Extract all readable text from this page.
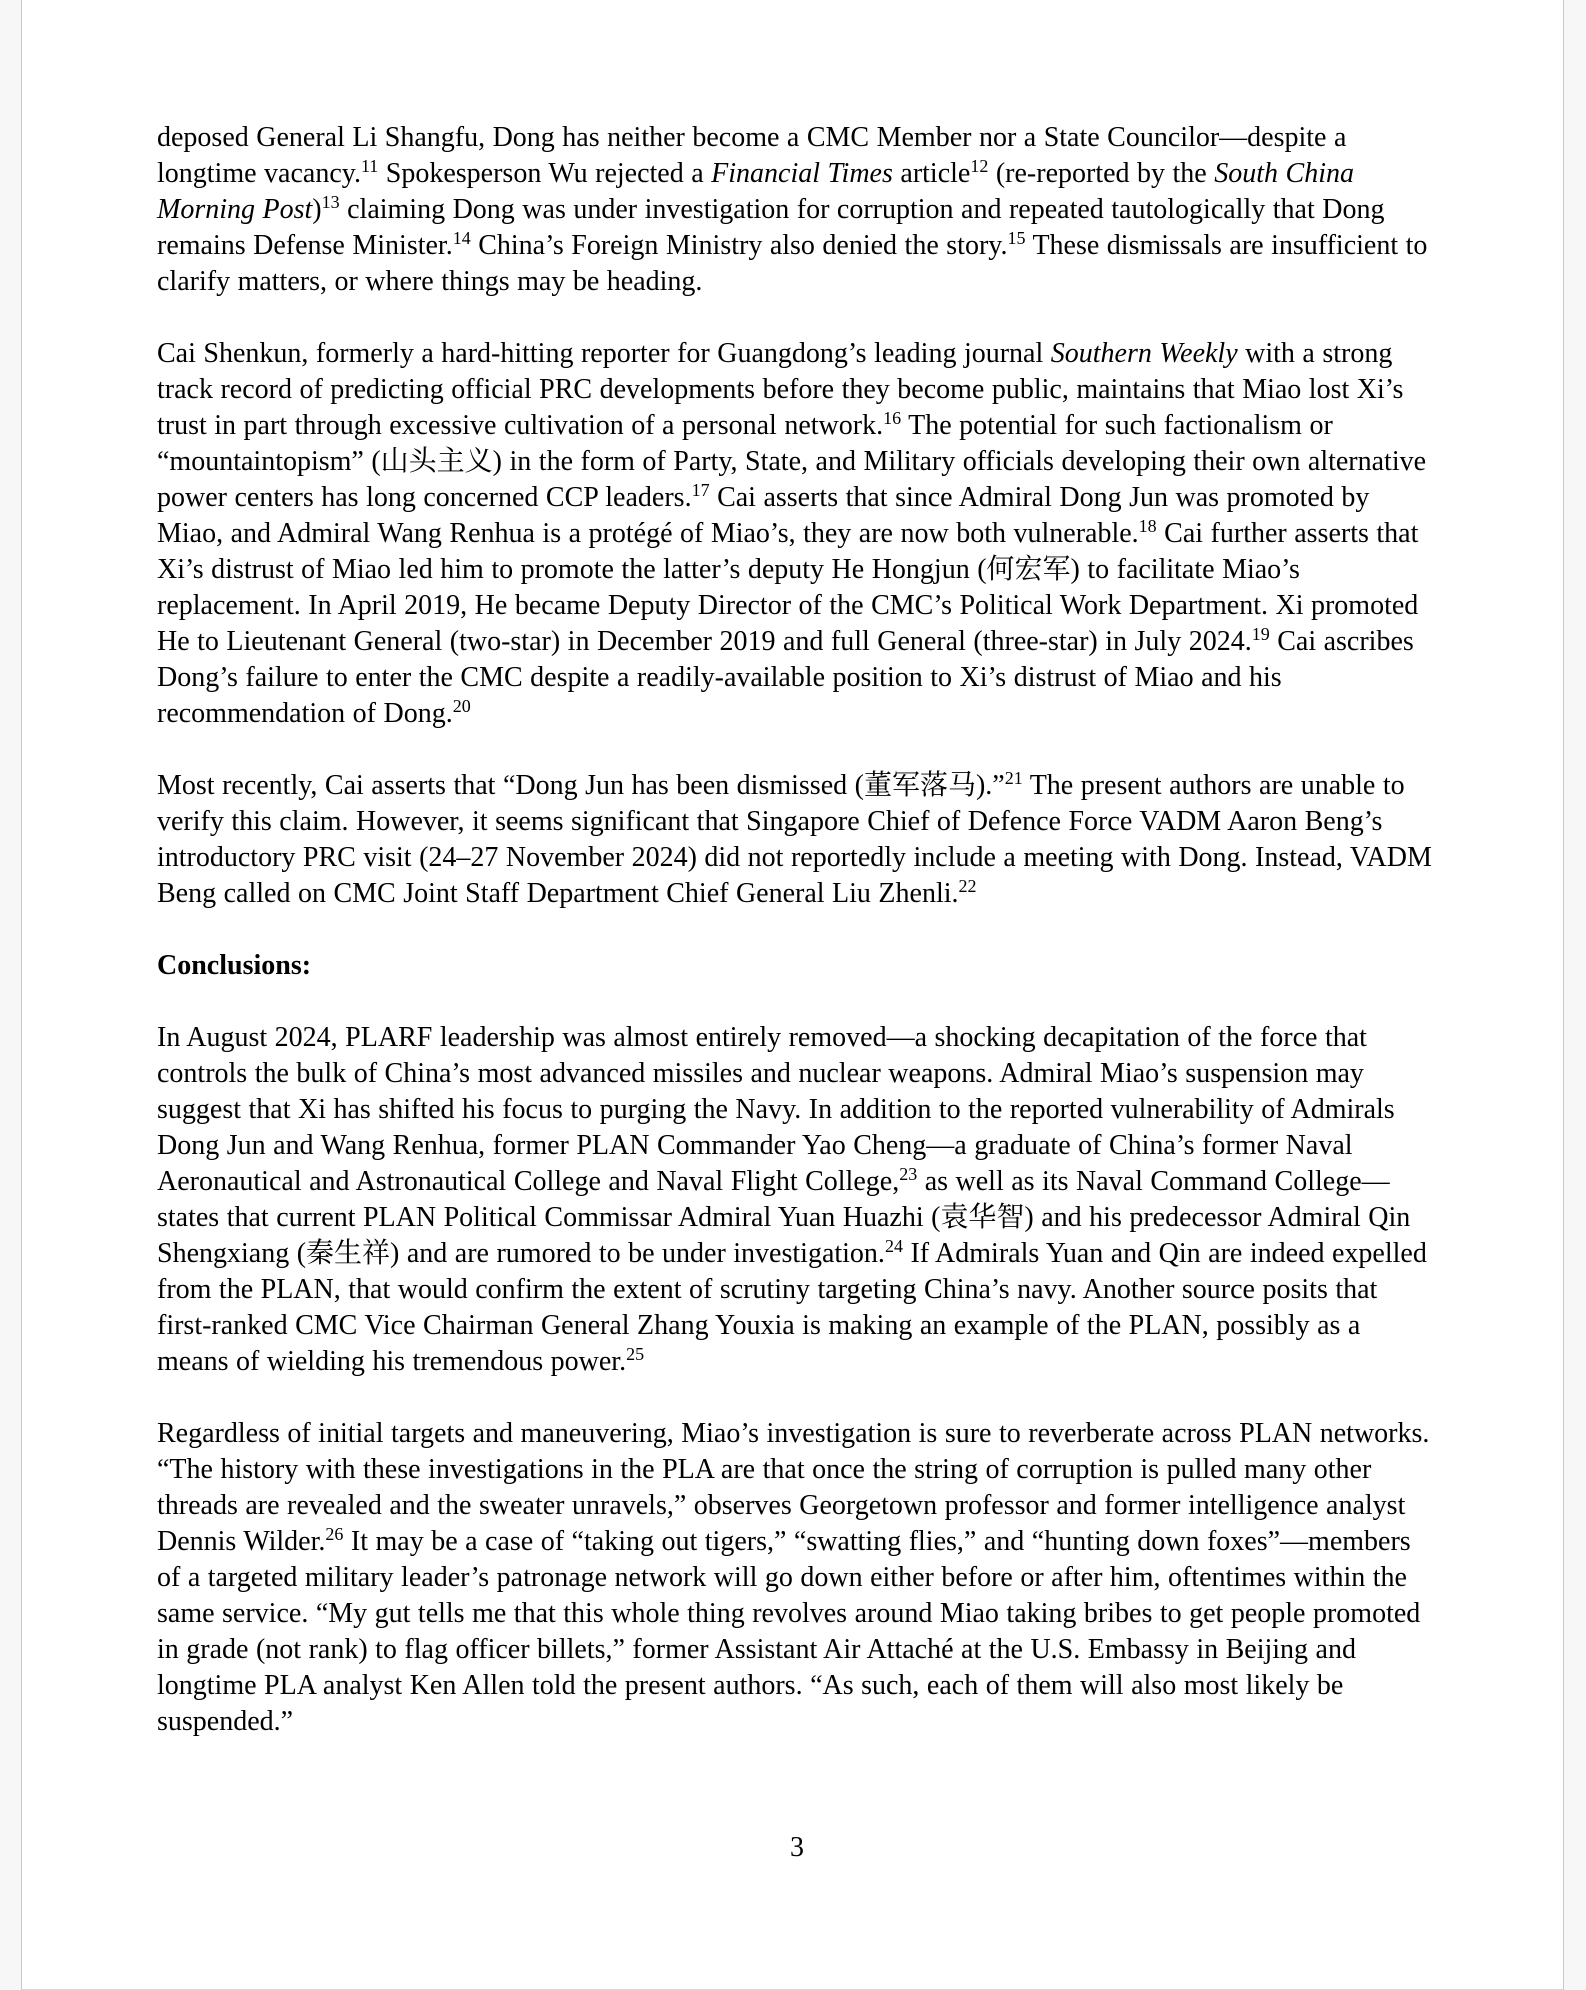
deposed General Li Shangfu, Dong has neither become a CMC Member nor a State Councilor—despite a longtime vacancy.$^{11}$ Spokesperson Wu rejected a Financial Times article$^{12}$ (re-reported by the South China Morning Post)$^{13}$ claiming Dong was under investigation for corruption and repeated tautologically that Dong remains Defense Minister.$^{14}$ China’s Foreign Ministry also denied the story.$^{15}$ These dismissals are insufficient to clarify matters, or where things may be heading.

Cai Shenkun, formerly a hard-hitting reporter for Guangdong’s leading journal Southern Weekly with a strong track record of predicting official PRC developments before they become public, maintains that Miao lost Xi’s trust in part through excessive cultivation of a personal network.$^{16}$ The potential for such factionalism or “mountaintopism” (山头主义) in the form of Party, State, and Military officials developing their own alternative power centers has long concerned CCP leaders.$^{17}$ Cai asserts that since Admiral Dong Jun was promoted by Miao, and Admiral Wang Renhua is a protégé of Miao’s, they are now both vulnerable.$^{18}$ Cai further asserts that Xi’s distrust of Miao led him to promote the latter’s deputy He Hongjun (何宏军) to facilitate Miao’s replacement. In April 2019, He became Deputy Director of the CMC’s Political Work Department. Xi promoted He to Lieutenant General (two-star) in December 2019 and full General (three-star) in July 2024.19 Cai ascribes Dong’s failure to enter the CMC despite a readily-available position to Xi’s distrust of Miao and his recommendation of Dong.$^{20}$

Most recently, Cai asserts that “Dong Jun has been dismissed (董军落马).”$^{21}$ The present authors are unable to verify this claim. However, it seems significant that Singapore Chief of Defence Force VADM Aaron Beng’s introductory PRC visit (24–27 November 2024) did not reportedly include a meeting with Dong. Instead, VADM Beng called on CMC Joint Staff Department Chief General Liu Zhenli.$^{22}$

Conclusions:

In August 2024, PLARF leadership was almost entirely removed—a shocking decapitation of the force that controls the bulk of China’s most advanced missiles and nuclear weapons. Admiral Miao’s suspension may suggest that Xi has shifted his focus to purging the Navy. In addition to the reported vulnerability of Admirals Dong Jun and Wang Renhua, former PLAN Commander Yao Cheng—a graduate of China’s former Naval Aeronautical and Astronautical College and Naval Flight College,$^{23}$ as well as its Naval Command College—states that current PLAN Political Commissar Admiral Yuan Huazhi (袁华智) and his predecessor Admiral Qin Shengxiang (秦生祥) and are rumored to be under investigation.$^{24}$ If Admirals Yuan and Qin are indeed expelled from the PLAN, that would confirm the extent of scrutiny targeting China’s navy. Another source posits that first-ranked CMC Vice Chairman General Zhang Youxia is making an example of the PLAN, possibly as a means of wielding his tremendous power.$^{25}$

Regardless of initial targets and maneuvering, Miao’s investigation is sure to reverberate across PLAN networks. “The history with these investigations in the PLA are that once the string of corruption is pulled many other threads are revealed and the sweater unravels,” observes Georgetown professor and former intelligence analyst Dennis Wilder.$^{26}$ It may be a case of “taking out tigers,” “swatting flies,” and “hunting down foxes”—members of a targeted military leader’s patronage network will go down either before or after him, oftentimes within the same service. “My gut tells me that this whole thing revolves around Miao taking bribes to get people promoted in grade (not rank) to flag officer billets,” former Assistant Air Attaché at the U.S. Embassy in Beijing and longtime PLA analyst Ken Allen told the present authors. “As such, each of them will also most likely be suspended.”

3
